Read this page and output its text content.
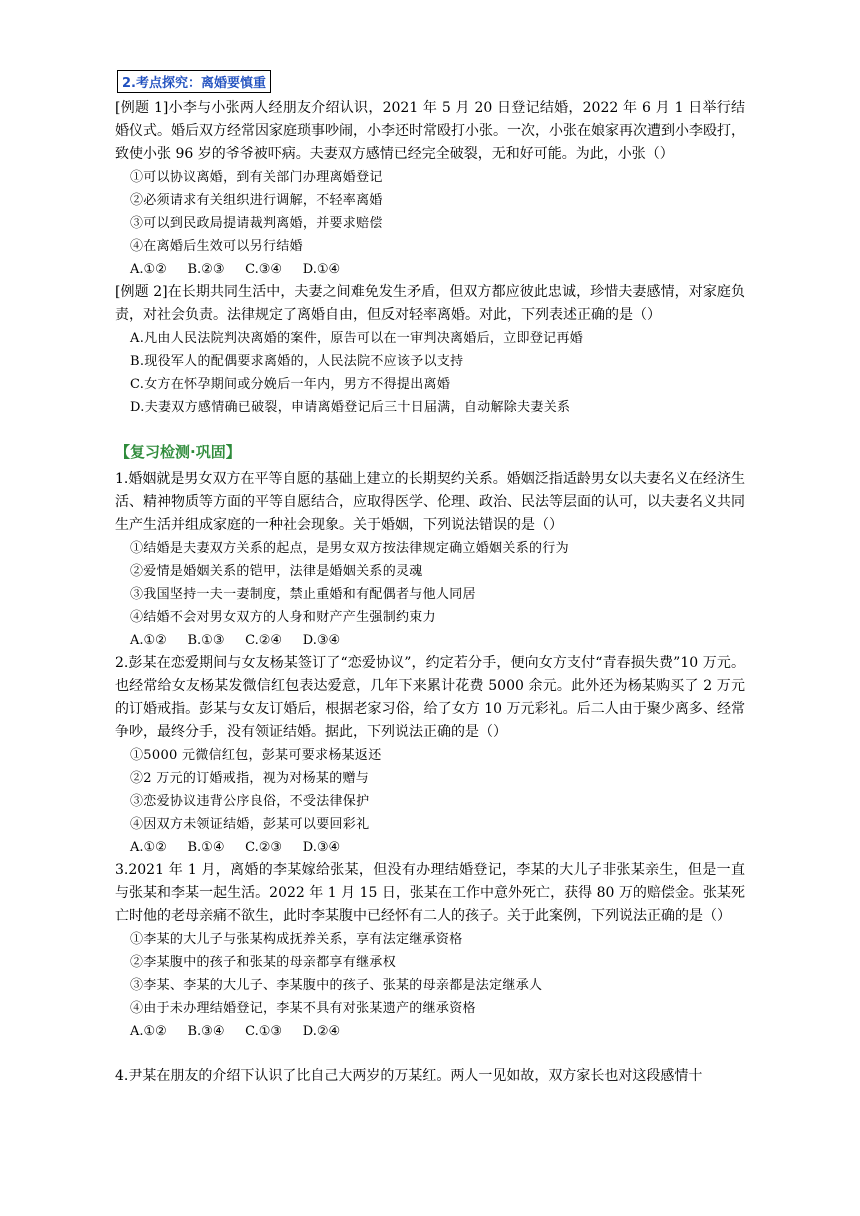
2.考点探究：离婚要慎重

[例题 1]小李与小张两人经朋友介绍认识，2021 年 5 月 20 日登记结婚，2022 年 6 月 1 日举行结婚仪式。婚后双方经常因家庭琐事吵闹，小李还时常殴打小张。一次，小张在娘家再次遭到小李殴打，致使小张 96 岁的爷爷被吓病。夫妻双方感情已经完全破裂，无和好可能。为此，小张（）

①可以协议离婚，到有关部门办理离婚登记

②必须请求有关组织进行调解，不轻率离婚

③可以到民政局提请裁判离婚，并要求赔偿

④在离婚后生效可以另行结婚

A.①②     B.②③     C.③④     D.①④

[例题 2]在长期共同生活中，夫妻之间难免发生矛盾，但双方都应彼此忠诚，珍惜夫妻感情，对家庭负责，对社会负责。法律规定了离婚自由，但反对轻率离婚。对此，下列表述正确的是（）

A.凡由人民法院判决离婚的案件，原告可以在一审判决离婚后，立即登记再婚

B.现役军人的配偶要求离婚的，人民法院不应该予以支持

C.女方在怀孕期间或分娩后一年内，男方不得提出离婚

D.夫妻双方感情确已破裂，申请离婚登记后三十日届满，自动解除夫妻关系

【复习检测·巩固】

1.婚姻就是男女双方在平等自愿的基础上建立的长期契约关系。婚姻泛指适龄男女以夫妻名义在经济生活、精神物质等方面的平等自愿结合，应取得医学、伦理、政治、民法等层面的认可，以夫妻名义共同生产生活并组成家庭的一种社会现象。关于婚姻，下列说法错误的是（）

①结婚是夫妻双方关系的起点，是男女双方按法律规定确立婚姻关系的行为

②爱情是婚姻关系的铠甲，法律是婚姻关系的灵魂

③我国坚持一夫一妻制度，禁止重婚和有配偶者与他人同居

④结婚不会对男女双方的人身和财产产生强制约束力

A.①②     B.①③     C.②④     D.③④

2.彭某在恋爱期间与女友杨某签订了“恋爱协议”，约定若分手，便向女方支付“青春损失费”10 万元。也经常给女友杨某发微信红包表达爱意，几年下来累计花费 5000 余元。此外还为杨某购买了 2 万元的订婚戒指。彭某与女友订婚后，根据老家习俗，给了女方 10 万元彩礼。后二人由于聚少离多、经常争吵，最终分手，没有领证结婚。据此，下列说法正确的是（）

①5000 元微信红包，彭某可要求杨某返还

②2 万元的订婚戒指，视为对杨某的赠与

③恋爱协议违背公序良俗，不受法律保护

④因双方未领证结婚，彭某可以要回彩礼

A.①②     B.①④     C.②③     D.③④

3.2021 年 1 月，离婚的李某嫁给张某，但没有办理结婚登记，李某的大儿子非张某亲生，但是一直与张某和李某一起生活。2022 年 1 月 15 日，张某在工作中意外死亡，获得 80 万的赔偿金。张某死亡时他的老母亲痛不欲生，此时李某腹中已经怀有二人的孩子。关于此案例，下列说法正确的是（）

①李某的大儿子与张某构成抚养关系，享有法定继承资格

②李某腹中的孩子和张某的母亲都享有继承权

③李某、李某的大儿子、李某腹中的孩子、张某的母亲都是法定继承人

④由于未办理结婚登记，李某不具有对张某遗产的继承资格

A.①②     B.③④     C.①③     D.②④

4.尹某在朋友的介绍下认识了比自己大两岁的万某红。两人一见如故，双方家长也对这段感情十
